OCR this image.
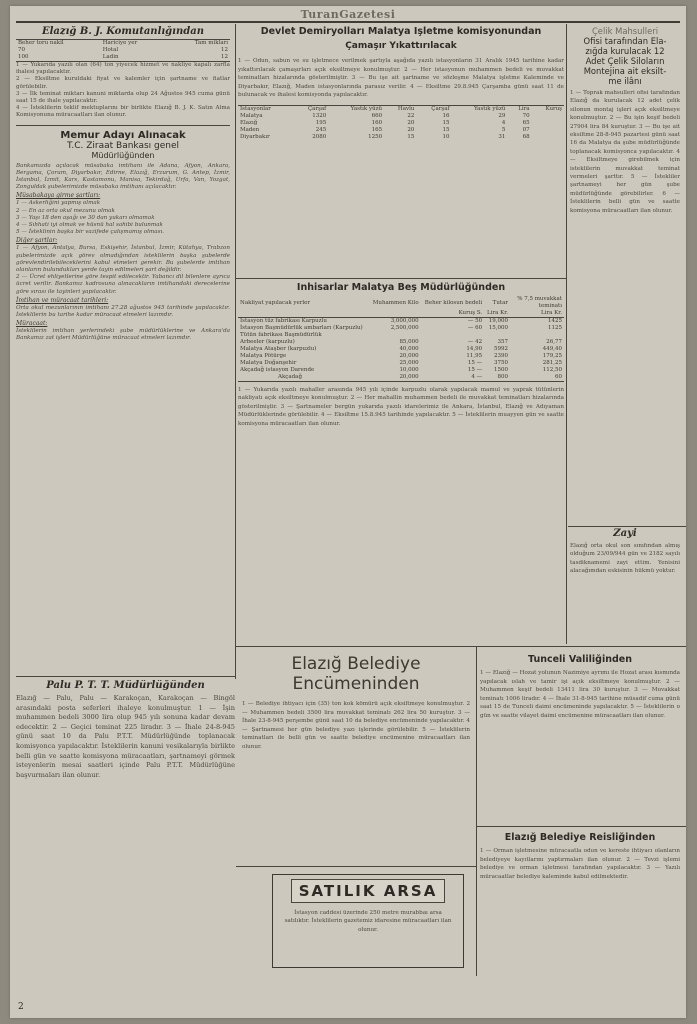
TuranGazetesi
Elazığ B. J. Komutanlığından
Beher toru nakil	Hariciye yer	Tam mikları
70	Hotal	12
100	Ladin	12
1 — Yukarıda yazılı olan (64) ton yiyecek hizmet ve nakliye kapalı zarfla ihalesi yapılacaktır.
2 — Eksiltme kuruldaki fiyat ve kalemler için şartname ve fiatlar görülebilir.
3 — İlk teminat miktarı kanuni miktarda olup 24 Ağustos 945 cuma günü saat 15 de ihale yapılacaktır.
4 — İsteklilerin teklif mektuplarını bir birlikte Elazığ B. J. K. Satın Alma Komisyonuna müracaatları ilan olunur.
Memur Adayı Alınacak
T.C. Ziraat Bankası genel
Müdürlüğünden
Bankamızda açılacak müsabaka imtihanı ile Adana, Afyon, Ankara, Bergama, Çorum, Diyarbakır, Edirne, Elazığ, Erzurum, G. Antep, İzmir, İstanbul, İzmit, Kars, Kastamonu, Manisa, Tekirdağ, Urfa, Van, Yozgat, Zonguldak şubelerimizde müsabaka imtihanı açılacaktır.
Müsabakaya girme şartları:
1 — Askerliğini yapmış olmak
2 — En az orta okul mezunu olmak
3 — Yaşı 18 den aşağı ve 30 dan yukarı olmamak
4 — Sıhhati iyi olmak ve hüsnü hal sahibi bulunmak
5 — İsteklinin başka bir vazifede çalışmamış olması.
Diğer şartlar:
1 — Afyon, Antalya, Bursa, Eskişehir, İstanbul, İzmir, Kütahya, Trabzon şubelerimizde açık görev olmadığından isteklilerin başka şubelerde görevlendirilebileceklerini kabul etmeleri gerekir. Bu şubelerde imtihan olanların bulundukları yerde tayin edilmeleri şart değildir.
2 — Ücret ehliyetlerine göre tespit edilecektir. Yabancı dil bilenlere ayrıca ücret verilir. Bankamız kadrosuna alınacakların imtihandaki derecelerine göre sırası ile tayinleri yapılacaktır.
İmtihan ve müracaat tarihleri:
Orta okul mezunlarının imtihanı 27.28 ağustos 945 tarihinde yapılacaktır. İsteklilerin bu tarihe kadar müracaat etmeleri lazımdır.
Müracaat:
İsteklilerin imtihan yerlerindeki şube müdürlüklerine ve Ankara'da Bankamız zat işleri Müdürlüğüne müracaat etmeleri lazımdır.
Palu P. T. T. Müdürlüğünden
Elazığ — Palu, Palu — Karakoçan, Karakoçan — Bingöl arasındaki posta seferleri ihaleye konulmuştur. 1 — İşin muhammen bedeli 3000 lira olup 945 yılı sonuna kadar devam edecektir. 2 — Geçici teminat 225 liradır. 3 — İhale 24-8-945 günü saat 10 da Palu P.T.T. Müdürlüğünde toplanacak komisyonca yapılacaktır. İsteklilerin kanuni vesikalarıyla birlikte belli gün ve saatte komisyona müracaatları, şartnameyi görmek isteyenlerin mesai saatleri içinde Palu P.T.T. Müdürlüğüne başvurmaları ilan olunur.
Devlet Demiryolları Malatya İşletme komisyonundan
Çamaşır Yıkattırılacak
1 — Odun, sabun ve su işletmece verilmek şartıyla aşağıda yazılı istasyonların 31 Aralık 1945 tarihine kadar yıkattırılacak çamaşırları açık eksiltmeye konulmuştur. 2 — Her istasyonun muhammen bedeli ve muvakkat teminatları hizalarında gösterilmiştir. 3 — Bu işe ait şartname ve sözleşme Malatya işletme Kaleminde ve Diyarbakır, Elazığ, Maden istasyonlarında parasız verilir. 4 — Eksiltme 29.8.945 Çarşamba günü saat 11 de bulunacak ve ihalesi komisyonda yapılacaktır.
İstasyonlar	Çarşaf	Yastık yüzü	Havlu	Çarşaf	Yastık yüzü	Lira	Kuruş
Malatya	1320	660	22	16	29	70	
Elazığ	195	160	20	15	4	65	
Maden	245	165	20	15	5	07	
Diyarbakır	2080	1250	15	10	31	68	
İnhisarlar Malatya Beş Müdürlüğünden
Nakliyat yapılacak yerler	Muhammen Kilo	Beher kilosun bedeli	Tutar	% 7,5 muvakkat teminatı
		Kuruş S.	Lira Kr.	Lira Kr.
İstasyon tüz fabrikası Karpuzlu	3,000,000	— 50	19,000	1425
İstasyon Başmüdürlük ambarları (Karpuzlu)	2,500,000	— 60	15,000	1125
Tütün fabrikası Başmüdürlük				
Arbeeler (karpuzlu)	85,000	— 42	357	26,77
Malatya Ataşber (karpuzlu)	40,000	14,90	5992	449,40
Malatya Pötürge	20,000	11,95	2390	179,25
Malatya Doğanşehir	25,000	15 —	3750	281,25
Akçadağ istasyon Darende	10,000	15 —	1500	112,50
Akçadağ	20,000	4 —	800	60
1 — Yukarıda yazılı mahaller arasında 945 yılı içinde karpuzlu olarak yapılacak mamul ve yaprak tütünlerin nakliyatı açık eksiltmeye konulmuştur. 2 — Her mahallin muhammen bedeli ile muvakkat teminatları hizalarında gösterilmiştir. 3 — Şartnameler bergün yukarıda yazılı idarelerimiz ile Ankara, İstanbul, Elazığ ve Adıyaman Müdürlüklerinde görülebilir. 4 — Eksiltme 15.8.945 tarihinde yapılacaktır. 5 — İsteklilerin muayyen gün ve saatte komisyona müracaatları ilan olunur.
Elazığ Belediye
Encümeninden
1 — Belediye ihtiyacı için (35) ton kok kömürü açık eksiltmeye konulmuştur. 2 — Muhammen bedeli 3500 lira muvakkat teminatı 262 lira 50 kuruştur. 3 — İhale 23-8-945 perşembe günü saat 10 da belediye encümeninde yapılacaktır. 4 — Şartnamesi her gün belediye yazı işlerinde görülebilir. 5 — İsteklilerin teminatları ile belli gün ve saatte belediye encümenine müracaatları ilan olunur.
SATILIK ARSA
İstasyon caddesi üzerinde 250 metre murabbaı arsa satılıktır. İsteklilerin gazetemiz idaresine müracaatları ilan olunur.
Tunceli Valiliğinden
1 — Elazığ — Hozat yolunun Nazimiye ayrımı ile Hozat arası kısmında yapılacak ıslah ve tamir işi açık eksiltmeye konulmuştur. 2 — Muhammen keşif bedeli 13411 lira 30 kuruştur. 3 — Muvakkat teminatı 1006 liradır. 4 — İhale 31-8-945 tarihine müsadif cuma günü saat 15 de Tunceli daimi encümeninde yapılacaktır. 5 — İsteklilerin o gün ve saatte vilayet daimi encümenine müracaatları ilan olunur.
Elazığ Belediye Reisliğinden
1 — Orman işletmesine müracaatla odun ve kereste ihtiyacı olanların belediyeye kayıtlarını yaptırmaları ilan olunur. 2 — Tevzi işlemi belediye ve orman işletmesi tarafından yapılacaktır. 3 — Yazılı müracaatlar belediye kaleminde kabul edilmektedir.
Çelik Mahsulleri
Ofisi tarafından Ela-
zığda kurulacak 12
Adet Çelik Siloların
Montejina ait eksilt-
me ilânı
1 — Toprak mahsulleri ofisi tarafından Elazığ da kurulacak 12 adet çelik silonun montaj işleri açık eksiltmeye konulmuştur. 2 — Bu işin keşif bedeli 27904 lira 84 kuruştur. 3 — Bu işe ait eksiltme 28-8-945 pazartesi günü saat 16 da Malatya da şube müdürlüğünde toplanacak komisyonca yapılacaktır. 4 — Eksiltmeye girebilmek için isteklilerin muvakkat teminat vermeleri şarttır. 5 — İstekliler şartnameyi her gün şube müdürlüğünde görebilirler. 6 — İsteklilerin belli gün ve saatte komisyona müracaatları ilan olunur.
Zayi
Elazığ orta okul son sınıfından almış olduğum 23/09/944 gün ve 2182 sayılı tasdiknamemi zayi ettim. Yenisini alacağımdan eskisinin hükmü yoktur.
2
